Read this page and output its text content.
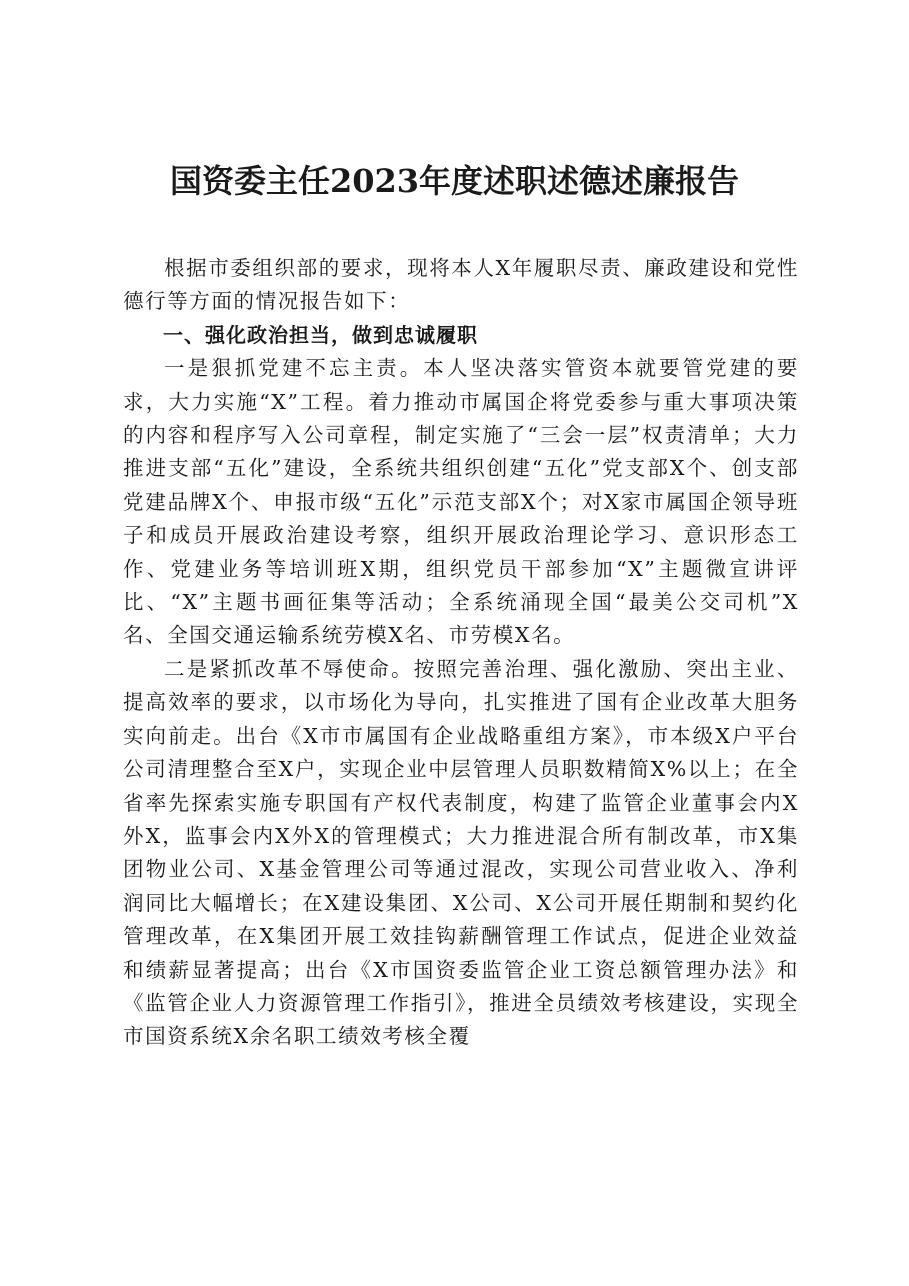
国资委主任2023年度述职述德述廉报告

根据市委组织部的要求，现将本人X年履职尽责、廉政建设和党性德行等方面的情况报告如下：

一、强化政治担当，做到忠诚履职

一是狠抓党建不忘主责。本人坚决落实管资本就要管党建的要求，大力实施“X”工程。着力推动市属国企将党委参与重大事项决策的内容和程序写入公司章程，制定实施了“三会一层”权责清单；大力推进支部“五化”建设，全系统共组织创建“五化”党支部X个、创支部党建品牌X个、申报市级“五化”示范支部X个；对X家市属国企领导班子和成员开展政治建设考察，组织开展政治理论学习、意识形态工作、党建业务等培训班X期，组织党员干部参加“X”主题微宣讲评比、“X”主题书画征集等活动；全系统涌现全国“最美公交司机”X名、全国交通运输系统劳模X名、市劳模X名。

二是紧抓改革不辱使命。按照完善治理、强化激励、突出主业、提高效率的要求，以市场化为导向，扎实推进了国有企业改革大胆务实向前走。出台《X市市属国有企业战略重组方案》，市本级X户平台公司清理整合至X户，实现企业中层管理人员职数精简X%以上；在全省率先探索实施专职国有产权代表制度，构建了监管企业董事会内X外X，监事会内X外X的管理模式；大力推进混合所有制改革，市X集团物业公司、X基金管理公司等通过混改，实现公司营业收入、净利润同比大幅增长；在X建设集团、X公司、X公司开展任期制和契约化管理改革，在X集团开展工效挂钩薪酬管理工作试点，促进企业效益和绩薪显著提高；出台《X市国资委监管企业工资总额管理办法》和《监管企业人力资源管理工作指引》，推进全员绩效考核建设，实现全市国资系统X余名职工绩效考核全覆
